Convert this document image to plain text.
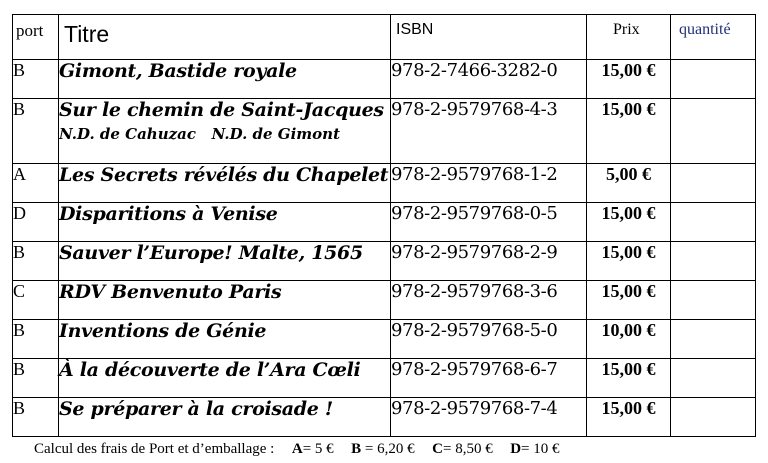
port	Titre	ISBN	Prix	quantité
B	Gimont, Bastide royale	978-2-7466-3282-0	15,00 €	
B	Sur le chemin de Saint-Jacques
N.D. de Cahuzac   N.D. de Gimont	978-2-9579768-4-3	15,00 €	
A	Les Secrets révélés du Chapelet	978-2-9579768-1-2	5,00 €	
D	Disparitions à Venise	978-2-9579768-0-5	15,00 €	
B	Sauver l’Europe! Malte, 1565	978-2-9579768-2-9	15,00 €	
C	RDV Benvenuto Paris	978-2-9579768-3-6	15,00 €	
B	Inventions de Génie	978-2-9579768-5-0	10,00 €	
B	À la découverte de l’Ara Cœli	978-2-9579768-6-7	15,00 €	
B	Se préparer à la croisade !	978-2-9579768-7-4	15,00 €	
Calcul des frais de Port et d’emballage : A= 5 € B = 6,20 € C= 8,50 € D= 10 €
